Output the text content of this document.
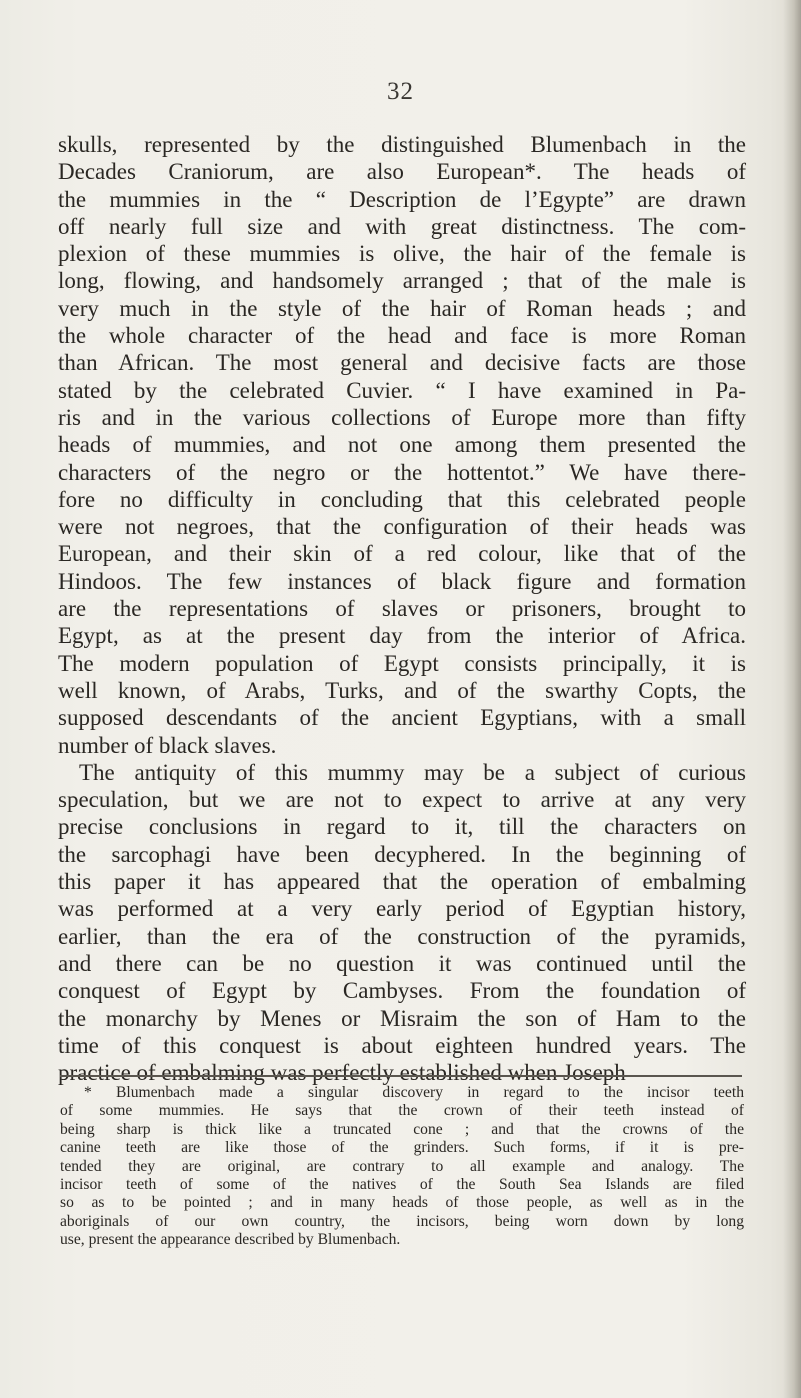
32
skulls, represented by the distinguished Blumenbach in the
Decades Craniorum, are also European*. The heads of
the mummies in the “ Description de l’Egypte” are drawn
off nearly full size and with great distinctness. The com-
plexion of these mummies is olive, the hair of the female is
long, flowing, and handsomely arranged ; that of the male is
very much in the style of the hair of Roman heads ; and
the whole character of the head and face is more Roman
than African. The most general and decisive facts are those
stated by the celebrated Cuvier. “ I have examined in Pa-
ris and in the various collections of Europe more than fifty
heads of mummies, and not one among them presented the
characters of the negro or the hottentot.” We have there-
fore no difficulty in concluding that this celebrated people
were not negroes, that the configuration of their heads was
European, and their skin of a red colour, like that of the
Hindoos. The few instances of black figure and formation
are the representations of slaves or prisoners, brought to
Egypt, as at the present day from the interior of Africa.
The modern population of Egypt consists principally, it is
well known, of Arabs, Turks, and of the swarthy Copts, the
supposed descendants of the ancient Egyptians, with a small
number of black slaves.
The antiquity of this mummy may be a subject of curious
speculation, but we are not to expect to arrive at any very
precise conclusions in regard to it, till the characters on
the sarcophagi have been decyphered. In the beginning of
this paper it has appeared that the operation of embalming
was performed at a very early period of Egyptian history,
earlier, than the era of the construction of the pyramids,
and there can be no question it was continued until the
conquest of Egypt by Cambyses. From the foundation of
the monarchy by Menes or Misraim the son of Ham to the
time of this conquest is about eighteen hundred years. The
practice of embalming was perfectly established when Joseph
* Blumenbach made a singular discovery in regard to the incisor teeth
of some mummies. He says that the crown of their teeth instead of
being sharp is thick like a truncated cone ; and that the crowns of the
canine teeth are like those of the grinders. Such forms, if it is pre-
tended they are original, are contrary to all example and analogy. The
incisor teeth of some of the natives of the South Sea Islands are filed
so as to be pointed ; and in many heads of those people, as well as in the
aboriginals of our own country, the incisors, being worn down by long
use, present the appearance described by Blumenbach.
